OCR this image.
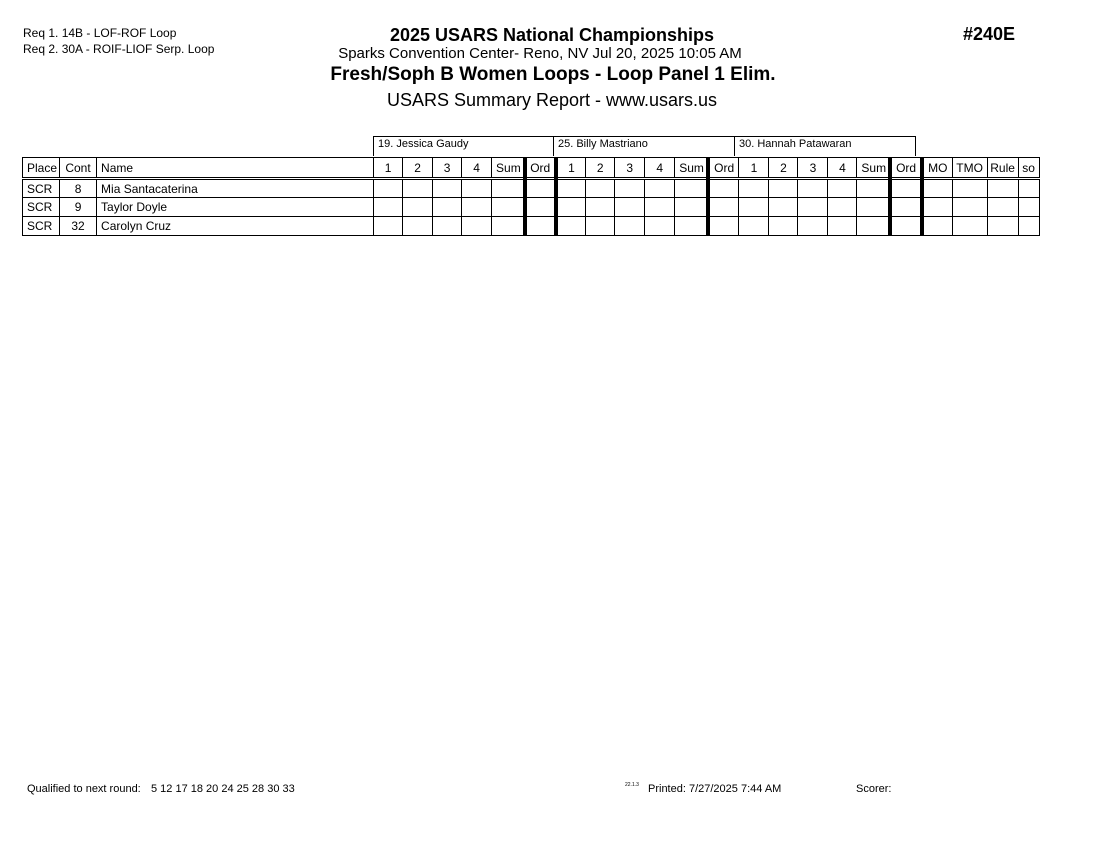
Req 1. 14B - LOF-ROF Loop
Req 2. 30A - ROIF-LIOF Serp. Loop
2025 USARS National Championships
Sparks Convention Center- Reno, NV Jul 20, 2025 10:05 AM
Fresh/Soph B Women Loops - Loop Panel 1 Elim.
USARS Summary Report - www.usars.us
#240E
19. Jessica Gaudy	25. Billy Mastriano	30. Hannah Patawaran
Place	Cont	Name	1	2	3	4	Sum	Ord	1	2	3	4	Sum	Ord	1	2	3	4	Sum	Ord	MO	TMO	Rule	so
SCR	8	Mia Santacaterina																						
SCR	9	Taylor Doyle																						
SCR	32	Carolyn Cruz																						
Qualified to next round: 5 12 17 18 20 24 25 28 30 33	22.1.3 Printed: 7/27/2025 7:44 AM	Scorer:
